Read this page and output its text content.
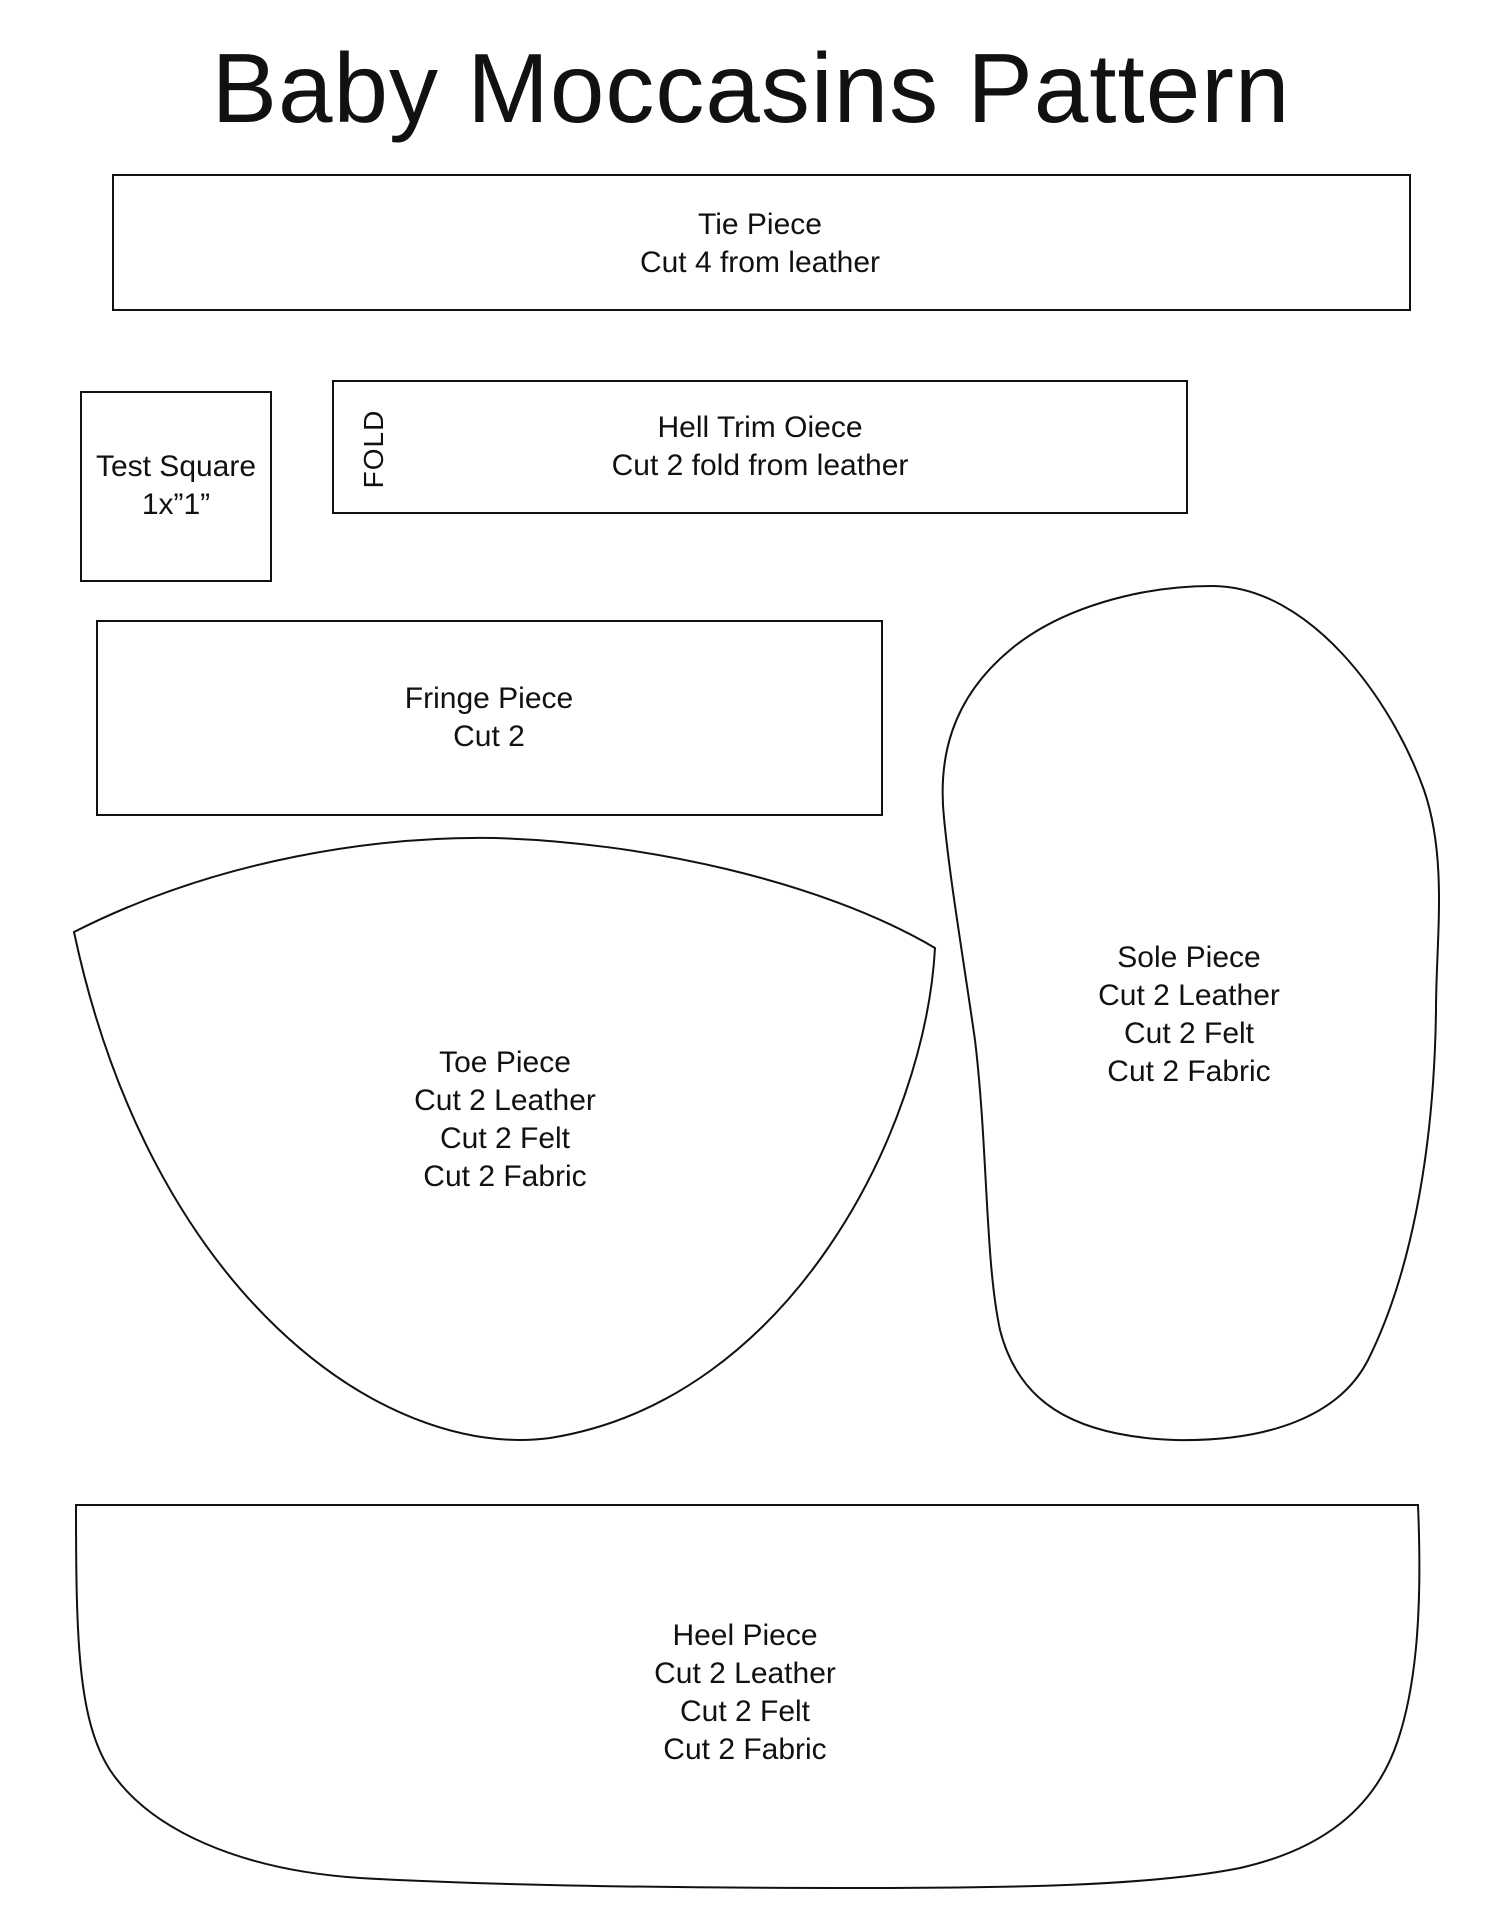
Baby Moccasins Pattern
FOLD
Tie Piece
Cut 4 from leather
Test Square
1x”1”
Hell Trim Oiece
Cut 2 fold from leather
Fringe Piece
Cut 2
Toe Piece
Cut 2 Leather
Cut 2 Felt
Cut 2 Fabric
Sole Piece
Cut 2 Leather
Cut 2 Felt
Cut 2 Fabric
Heel Piece
Cut 2 Leather
Cut 2 Felt
Cut 2 Fabric
